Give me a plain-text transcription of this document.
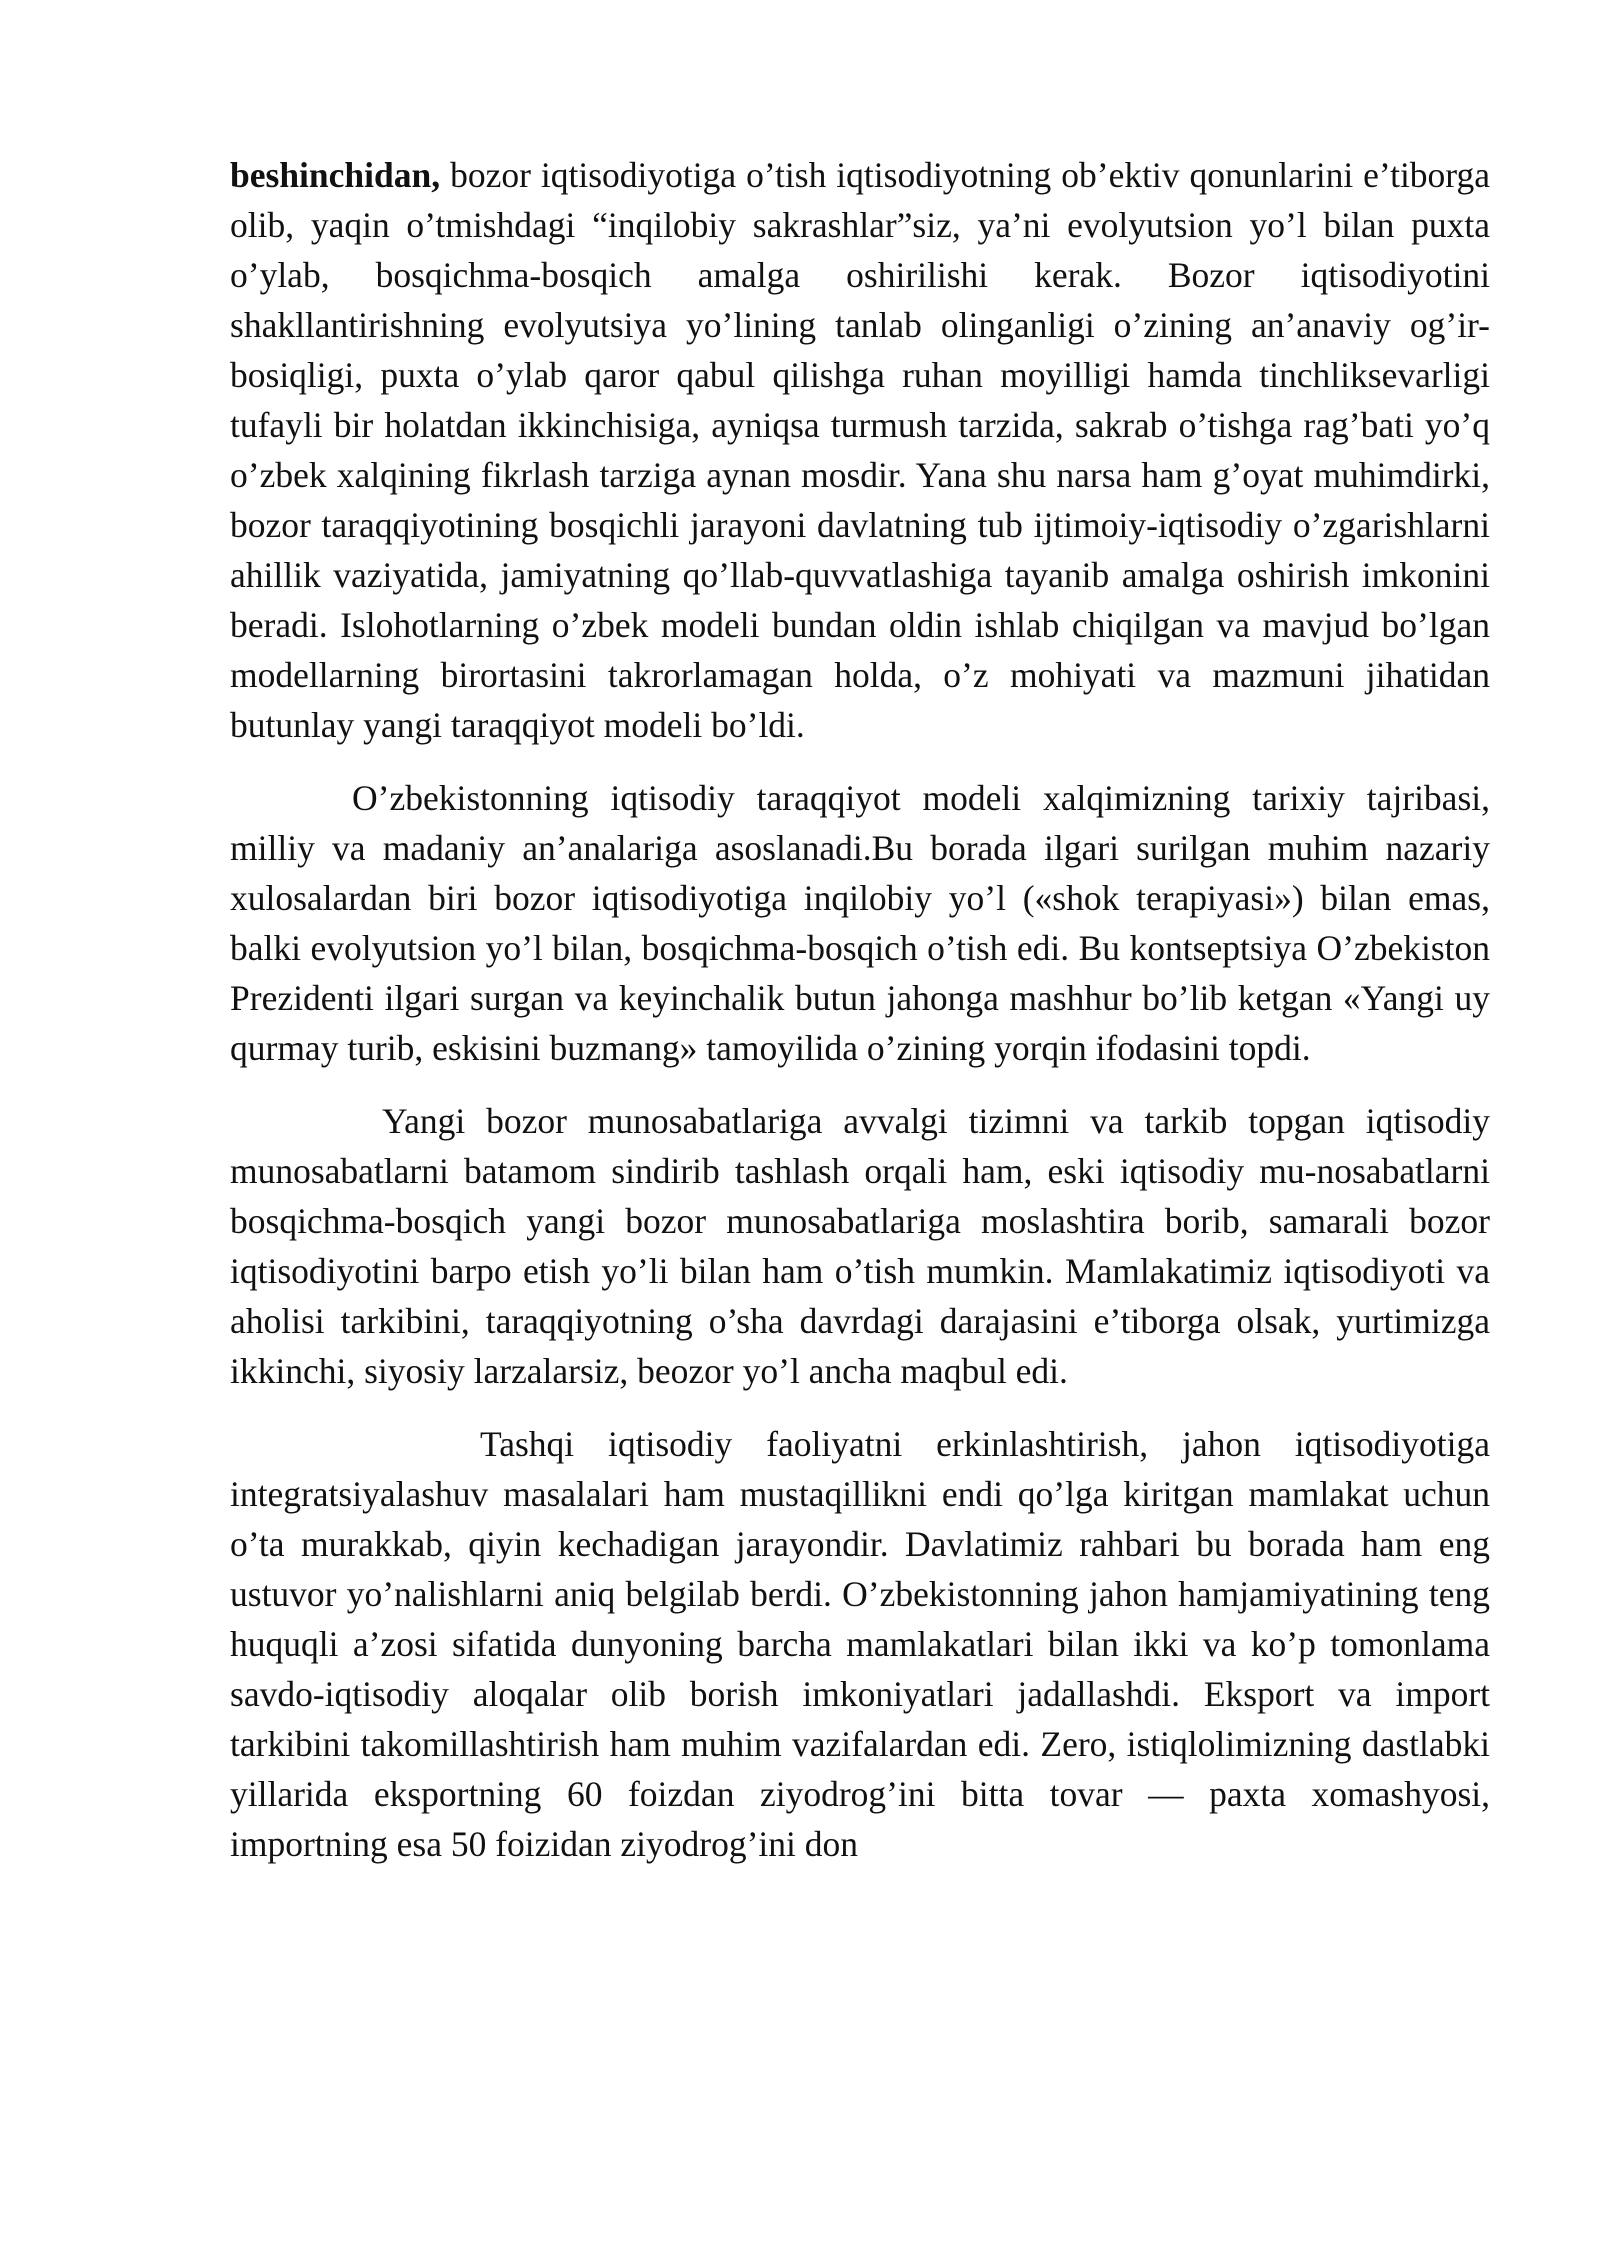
beshinchidan, bozor iqtisodiyotiga o’tish iqtisodiyotning ob’ektiv qonunlarini e’tiborga olib, yaqin o’tmishdagi “inqilobiy sakrashlar”siz, ya’ni evolyutsion yo’l bilan puxta o’ylab, bosqichma-bosqich amalga oshirilishi kerak. Bozor iqtisodiyotini shakllantirishning evolyutsiya yo’lining tanlab olinganligi o’zining an’anaviy og’ir-bosiqligi, puxta o’ylab qaror qabul qilishga ruhan moyilligi hamda tinchliksevarligi tufayli bir holatdan ikkinchisiga, ayniqsa turmush tarzida, sakrab o’tishga rag’bati yo’q o’zbek xalqining fikrlash tarziga aynan mosdir. Yana shu narsa ham g’oyat muhimdirki, bozor taraqqiyotining bosqichli jarayoni davlatning tub ijtimoiy-iqtisodiy o’zgarishlarni ahillik vaziyatida, jamiyatning qo’llab-quvvatlashiga tayanib amalga oshirish imkonini beradi. Islohotlarning o’zbek modeli bundan oldin ishlab chiqilgan va mavjud bo’lgan modellarning birortasini takrorlamagan holda, o’z mohiyati va mazmuni jihatidan butunlay yangi taraqqiyot modeli bo’ldi.

O’zbekistonning iqtisodiy taraqqiyot modeli xalqimizning tarixiy tajribasi, milliy va madaniy an’analariga asoslanadi.Bu borada ilgari surilgan muhim nazariy xulosalardan biri bozor iqtisodiyotiga inqilobiy yo’l («shok terapiyasi») bilan emas, balki evolyutsion yo’l bilan, bosqichma-bosqich o’tish edi. Bu kontseptsiya O’zbekiston Prezidenti ilgari surgan va keyinchalik butun jahonga mashhur bo’lib ketgan «Yangi uy qurmay turib, eskisini buzmang» tamoyilida o’zining yorqin ifodasini topdi.

Yangi bozor munosabatlariga avvalgi tizimni va tarkib topgan iqtisodiy munosabatlarni batamom sindirib tashlash orqali ham, eski iqtisodiy mu-nosabatlarni bosqichma-bosqich yangi bozor munosabatlariga moslashtira borib, samarali bozor iqtisodiyotini barpo etish yo’li bilan ham o’tish mumkin. Mamlakatimiz iqtisodiyoti va aholisi tarkibini, taraqqiyotning o’sha davrdagi darajasini e’tiborga olsak, yurtimizga ikkinchi, siyosiy larzalarsiz, beozor yo’l ancha maqbul edi.

Tashqi iqtisodiy faoliyatni erkinlashtirish, jahon iqtisodiyotiga integratsiyalashuv masalalari ham mustaqillikni endi qo’lga kiritgan mamlakat uchun o’ta murakkab, qiyin kechadigan jarayondir. Davlatimiz rahbari bu borada ham eng ustuvor yo’nalishlarni aniq belgilab berdi. O’zbekistonning jahon hamjamiyatining teng huquqli a’zosi sifatida dunyoning barcha mamlakatlari bilan ikki va ko’p tomonlama savdo-iqtisodiy aloqalar olib borish imkoniyatlari jadallashdi. Eksport va import tarkibini takomillashtirish ham muhim vazifalardan edi. Zero, istiqlolimizning dastlabki yillarida eksportning 60 foizdan ziyodrog’ini bitta tovar — paxta xomashyosi, importning esa 50 foizidan ziyodrog’ini don
